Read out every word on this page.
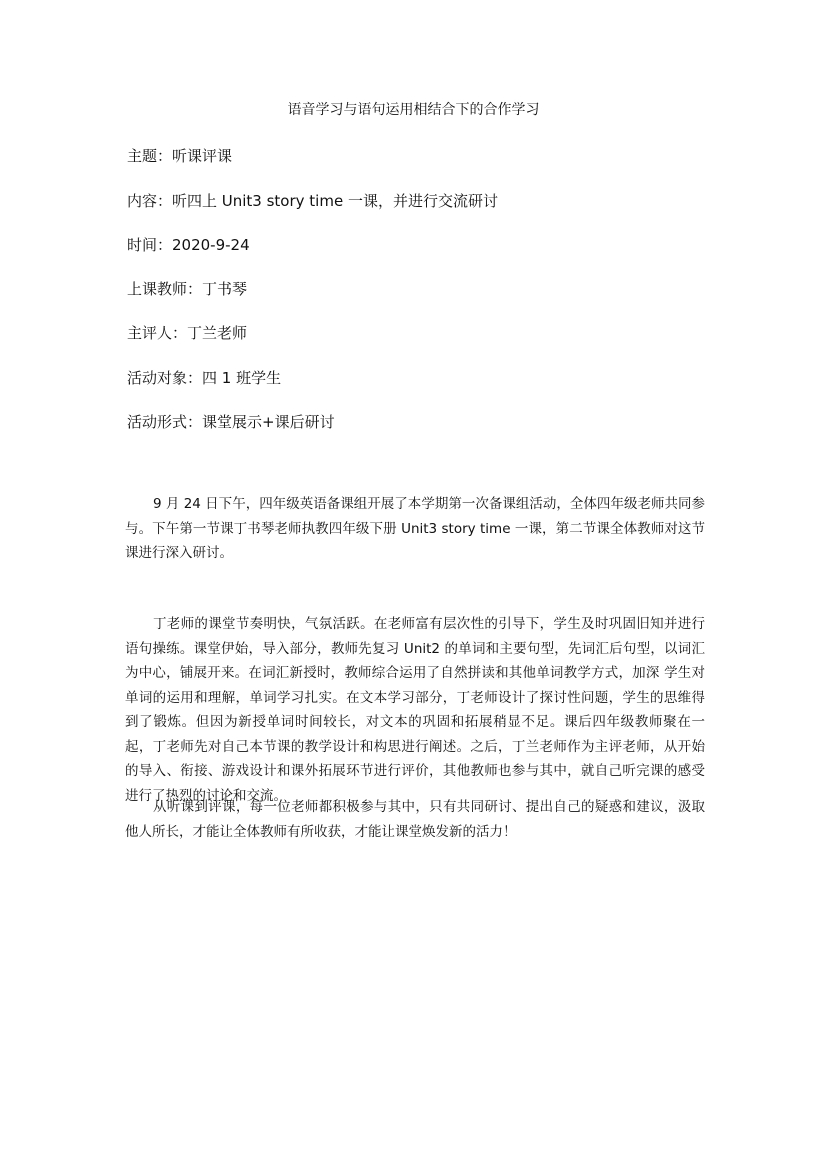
语音学习与语句运用相结合下的合作学习
主题：听课评课
内容：听四上 Unit3 story time 一课，并进行交流研讨
时间：2020-9-24
上课教师：丁书琴
主评人：丁兰老师
活动对象：四 1 班学生
活动形式：课堂展示+课后研讨

9 月 24 日下午，四年级英语备课组开展了本学期第一次备课组活动，全体四年级老师共同参与。下午第一节课丁书琴老师执教四年级下册 Unit3 story time 一课，第二节课全体教师对这节课进行深入研讨。

丁老师的课堂节奏明快，气氛活跃。在老师富有层次性的引导下，学生及时巩固旧知并进行语句操练。课堂伊始，导入部分，教师先复习 Unit2 的单词和主要句型，先词汇后句型，以词汇为中心，铺展开来。在词汇新授时，教师综合运用了自然拼读和其他单词教学方式，加深 学生对单词的运用和理解，单词学习扎实。在文本学习部分，丁老师设计了探讨性问题，学生的思维得到了锻炼。但因为新授单词时间较长，对文本的巩固和拓展稍显不足。课后四年级教师聚在一起，丁老师先对自己本节课的教学设计和构思进行阐述。之后，丁兰老师作为主评老师，从开始的导入、衔接、游戏设计和课外拓展环节进行评价，其他教师也参与其中，就自己听完课的感受进行了热烈的讨论和交流。

从听课到评课，每一位老师都积极参与其中，只有共同研讨、提出自己的疑惑和建议，汲取他人所长，才能让全体教师有所收获，才能让课堂焕发新的活力！
